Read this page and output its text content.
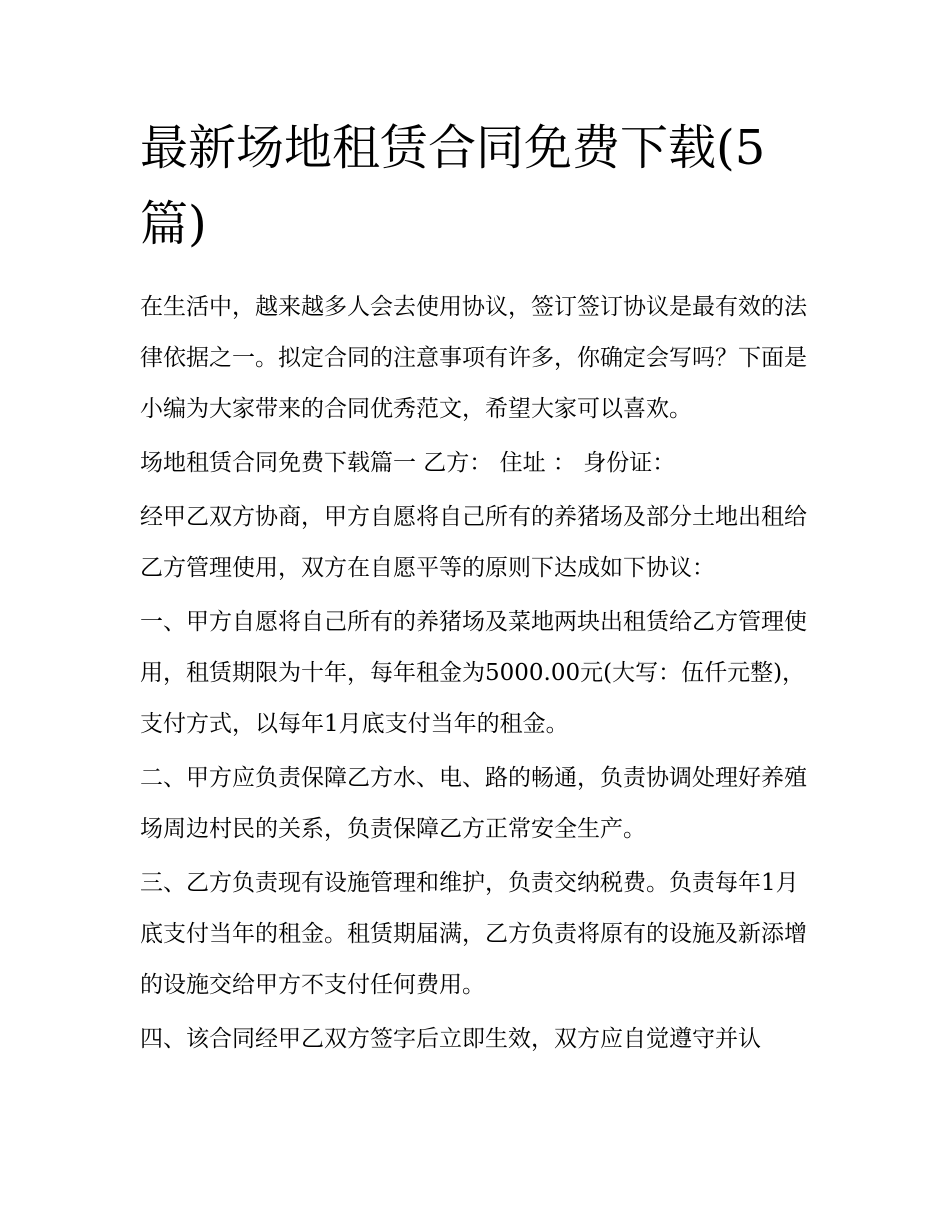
最新场地租赁合同免费下载(5篇)

在生活中，越来越多人会去使用协议，签订签订协议是最有效的法律依据之一。拟定合同的注意事项有许多，你确定会写吗？下面是小编为大家带来的合同优秀范文，希望大家可以喜欢。

场地租赁合同免费下载篇一 乙方： 住址 ： 身份证：

经甲乙双方协商，甲方自愿将自己所有的养猪场及部分土地出租给乙方管理使用，双方在自愿平等的原则下达成如下协议：

一、甲方自愿将自己所有的养猪场及菜地两块出租赁给乙方管理使用，租赁期限为十年，每年租金为5000.00元(大写：伍仟元整)，支付方式，以每年1月底支付当年的租金。

二、甲方应负责保障乙方水、电、路的畅通，负责协调处理好养殖场周边村民的关系，负责保障乙方正常安全生产。

三、乙方负责现有设施管理和维护，负责交纳税费。负责每年1月底支付当年的租金。租赁期届满，乙方负责将原有的设施及新添增的设施交给甲方不支付任何费用。

四、该合同经甲乙双方签字后立即生效，双方应自觉遵守并认
